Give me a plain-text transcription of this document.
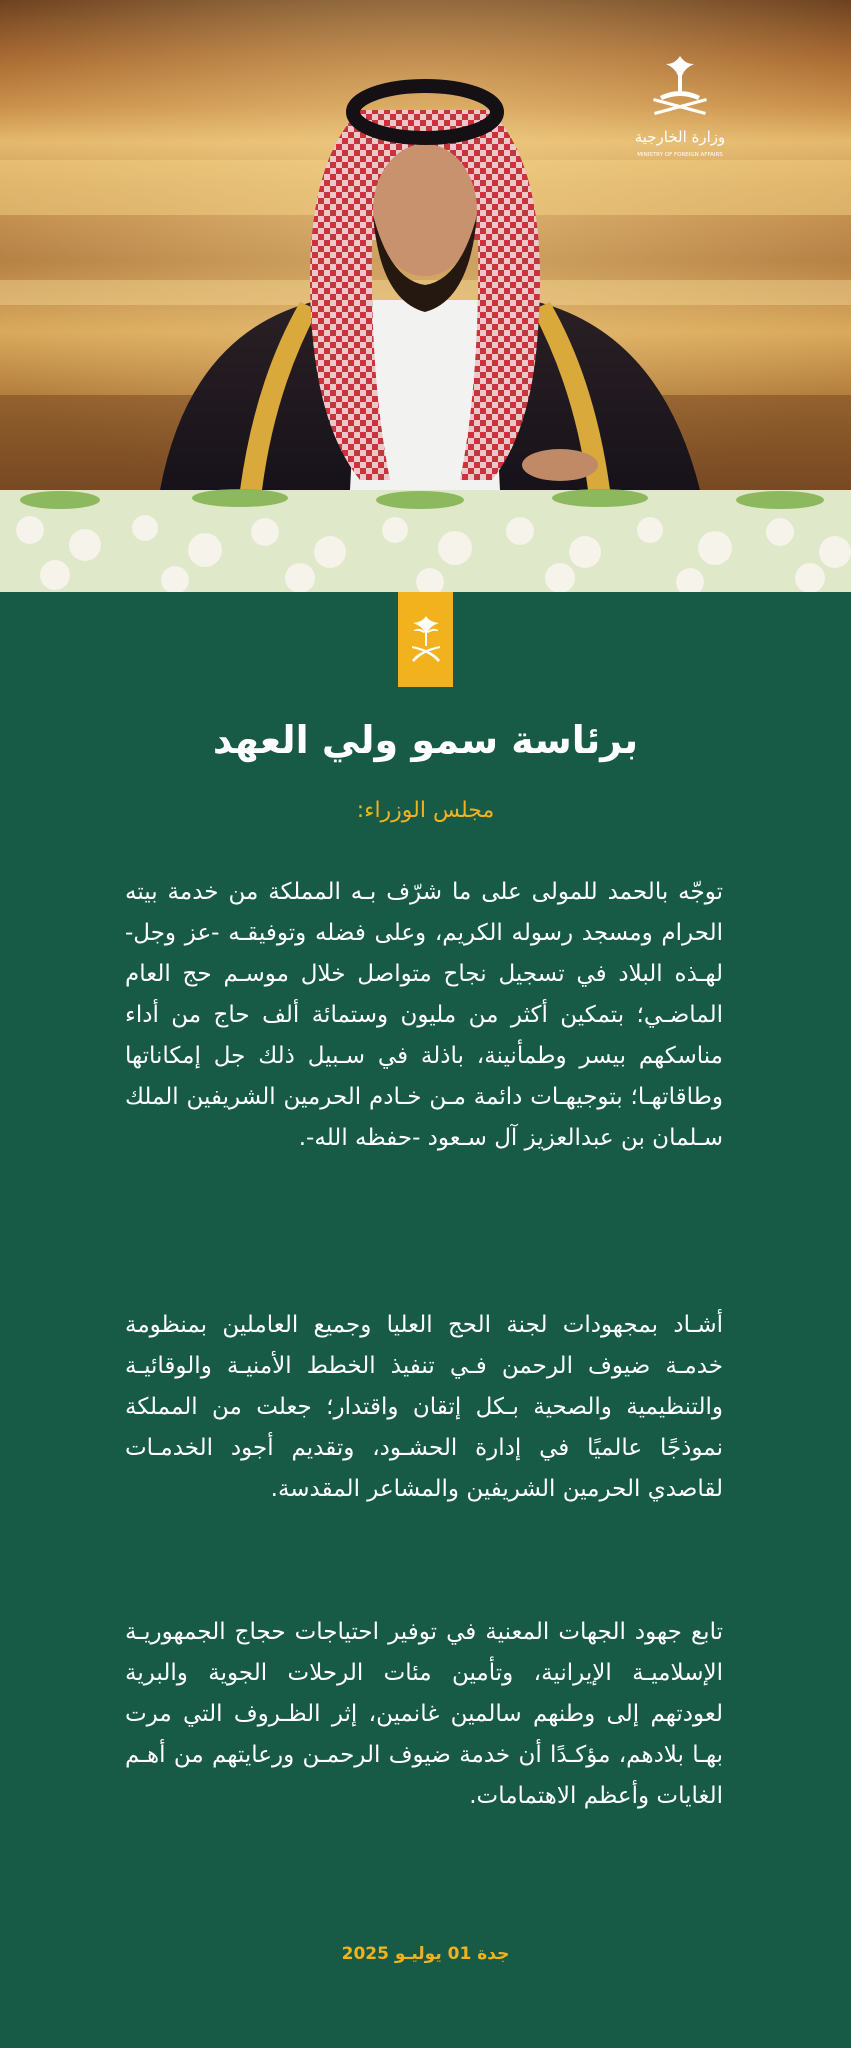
وزارة الخارجية
MINISTRY OF FOREIGN AFFAIRS
برئاسة سمو ولي العهد
مجلس الوزراء:

توجّه بالحمد للمولى على ما شرّف بـه المملكة من خدمة بيته الحرام ومسجد رسوله الكريم، وعلى فضله وتوفيقـه -عز وجل- لهـذه البلاد في تسجيل نجاح متواصل خلال موسـم حج العام الماضـي؛ بتمكين أكثر من مليون وستمائة ألف حاج من أداء مناسكهم بيسر وطمأنينة، باذلة في سـبيل ذلك جل إمكاناتها وطاقاتهـا؛ بتوجيهـات دائمة مـن خـادم الحرمين الشريفين الملك سـلمان بن عبدالعزيز آل سـعود -حفظه الله-.

أشـاد بمجهودات لجنة الحج العليا وجميع العاملين بمنظومة خدمـة ضيوف الرحمن فـي تنفيذ الخطط الأمنيـة والوقائيـة والتنظيمية والصحية بـكل إتقان واقتدار؛ جعلت من المملكة نموذجًا عالميًا في إدارة الحشـود، وتقديم أجود الخدمـات لقاصدي الحرمين الشريفين والمشاعر المقدسة.

تابع جهود الجهات المعنية في توفير احتياجات حجاج الجمهوريـة الإسلاميـة الإيرانية، وتأمين مئات الرحلات الجوية والبرية لعودتهم إلى وطنهم سالمين غانمين، إثر الظـروف التي مرت بهـا بلادهم، مؤكـدًا أن خدمة ضيوف الرحمـن ورعايتهم من أهـم الغايات وأعظم الاهتمامات.

جدة 01 يوليـو 2025
